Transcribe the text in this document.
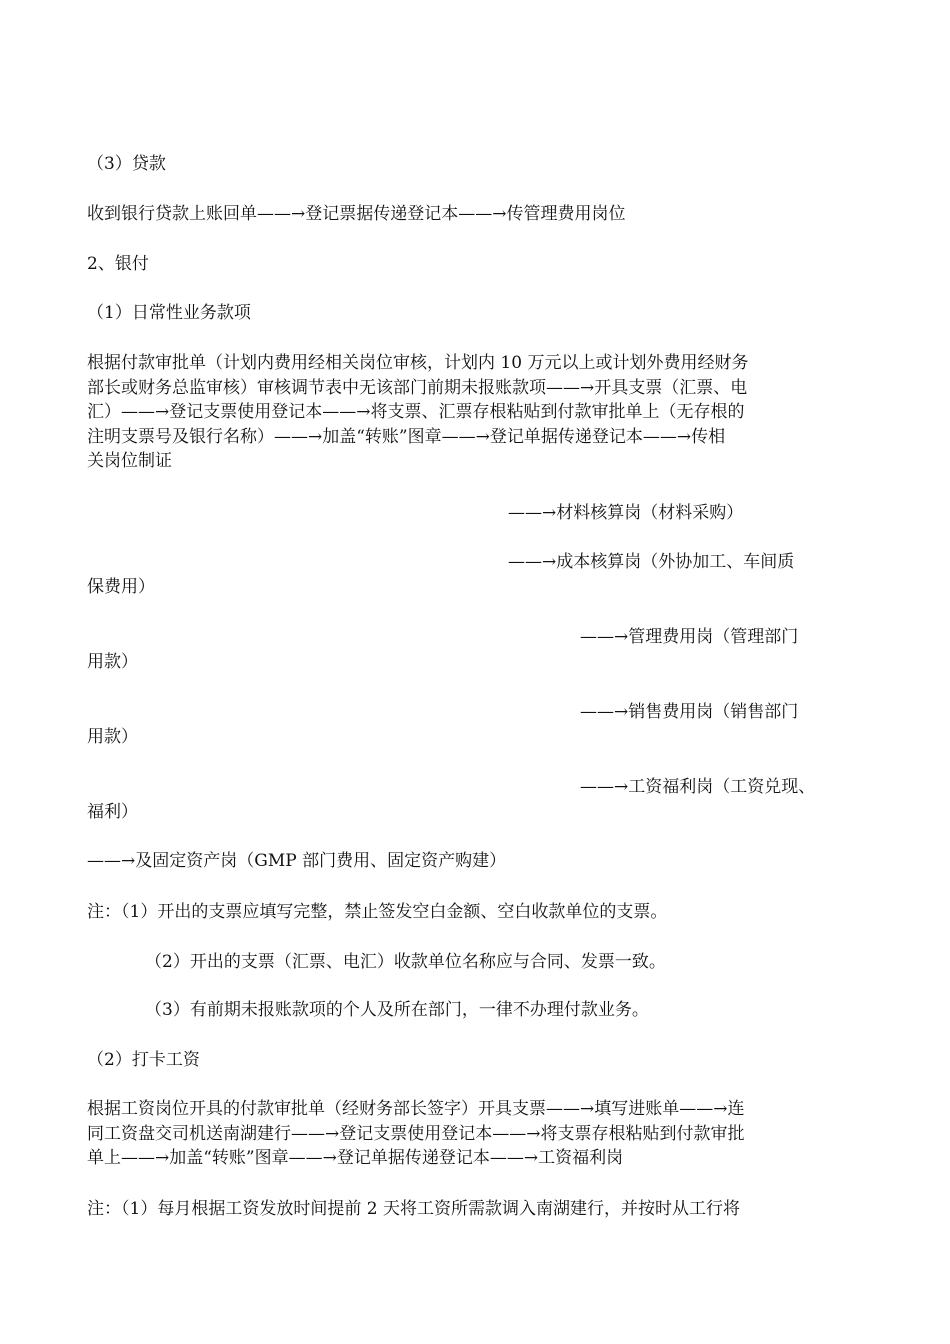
（3）贷款
收到银行贷款上账回单——→登记票据传递登记本——→传管理费用岗位
2、银付
（1）日常性业务款项
根据付款审批单（计划内费用经相关岗位审核，计划内 10 万元以上或计划外费用经财务
部长或财务总监审核）审核调节表中无该部门前期未报账款项——→开具支票（汇票、电
汇）——→登记支票使用登记本——→将支票、汇票存根粘贴到付款审批单上（无存根的
注明支票号及银行名称）——→加盖“转账”图章——→登记单据传递登记本——→传相
关岗位制证
——→材料核算岗（材料采购）
——→成本核算岗（外协加工、车间质
保费用）
——→管理费用岗（管理部门
用款）
——→销售费用岗（销售部门
用款）
——→工资福利岗（工资兑现、
福利）
——→及固定资产岗（GMP 部门费用、固定资产购建）
注：（1）开出的支票应填写完整，禁止签发空白金额、空白收款单位的支票。
（2）开出的支票（汇票、电汇）收款单位名称应与合同、发票一致。
（3）有前期未报账款项的个人及所在部门，一律不办理付款业务。
（2）打卡工资
根据工资岗位开具的付款审批单（经财务部长签字）开具支票——→填写进账单——→连
同工资盘交司机送南湖建行——→登记支票使用登记本——→将支票存根粘贴到付款审批
单上——→加盖“转账”图章——→登记单据传递登记本——→工资福利岗
注：（1）每月根据工资发放时间提前 2 天将工资所需款调入南湖建行，并按时从工行将
